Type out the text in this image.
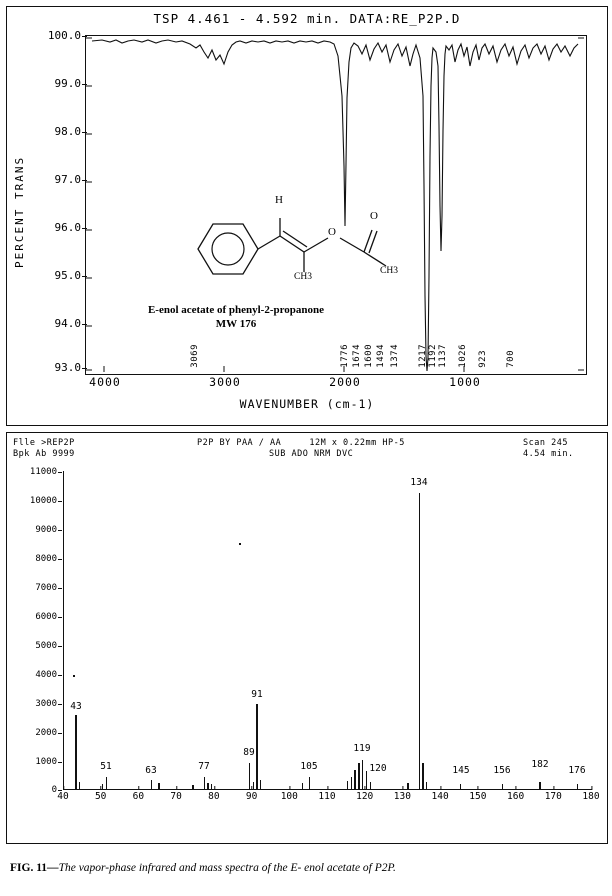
TSP 4.461 - 4.592 min. DATA:RE_P2P.D
PERCENT TRANS
100.0
99.0
98.0
97.0
96.0
95.0
94.0
93.0	3069	1776 1674 1600 1494 1374 1217 1192 1137 1026 923 700
H
O
O
CH3
CH3
E-enol acetate of phenyl-2-propanone
MW 176
4000	3000	2000	1000
WAVENUMBER (cm-1)
Flle >REP2P
Bpk Ab 9999
P2P BY PAA / AA     12M x 0.22mm HP-5
SUB ADO NRM DVC
Scan 245
4.54 min.
11000
10000
9000
8000
7000
6000
5000
4000
3000
2000
1000
0
43
51	63	77
89
91
105
119
120
134
145	156	176
182
40	50	60	70	80	90 100 110 120 130 140 150 160 170 180
FIG. 11—The vapor-phase infrared and mass spectra of the E- enol acetate of P2P.
